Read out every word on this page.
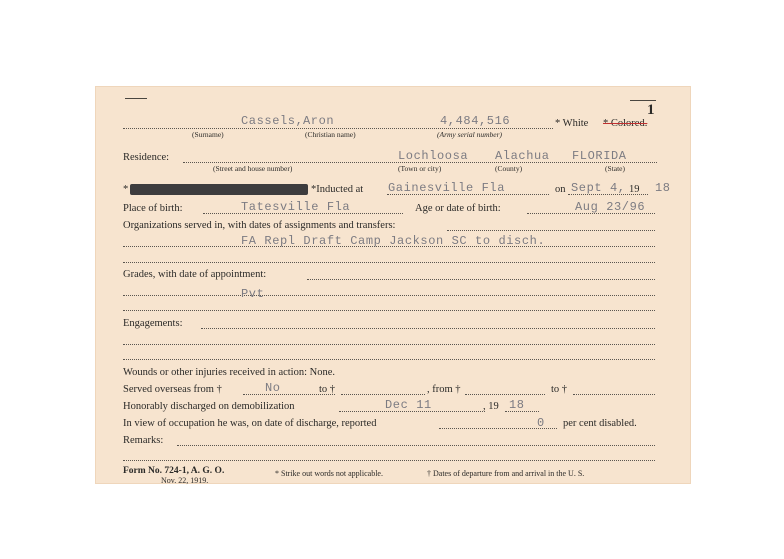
1
Cassels, Aron	4,484,516	* White * Colored.
(Surname)	(Christian name)	(Army serial number)
Residence:	Lochloosa Alachua FLORIDA
(Street and house number)	(Town or city)	(County)	(State)
*	*Inducted at Gainesville Fla	on Sept 4, 19 18
Place of birth:	Tatesville Fla	Age or date of birth:	Aug 23/96
Organizations served in, with dates of assignments and transfers:
FA Repl Draft Camp Jackson SC to disch.
Grades, with date of appointment:
Pvt
Engagements:
Wounds or other injuries received in action: None.
Served overseas from †	No	to †	, from †	to †
Honorably discharged on demobilization	Dec 11	, 19 18
In view of occupation he was, on date of discharge, reported	0 per cent disabled.
Remarks:
Form No. 724-1, A. G. O.
Nov. 22, 1919.
* Strike out words not applicable.	† Dates of departure from and arrival in the U. S.
